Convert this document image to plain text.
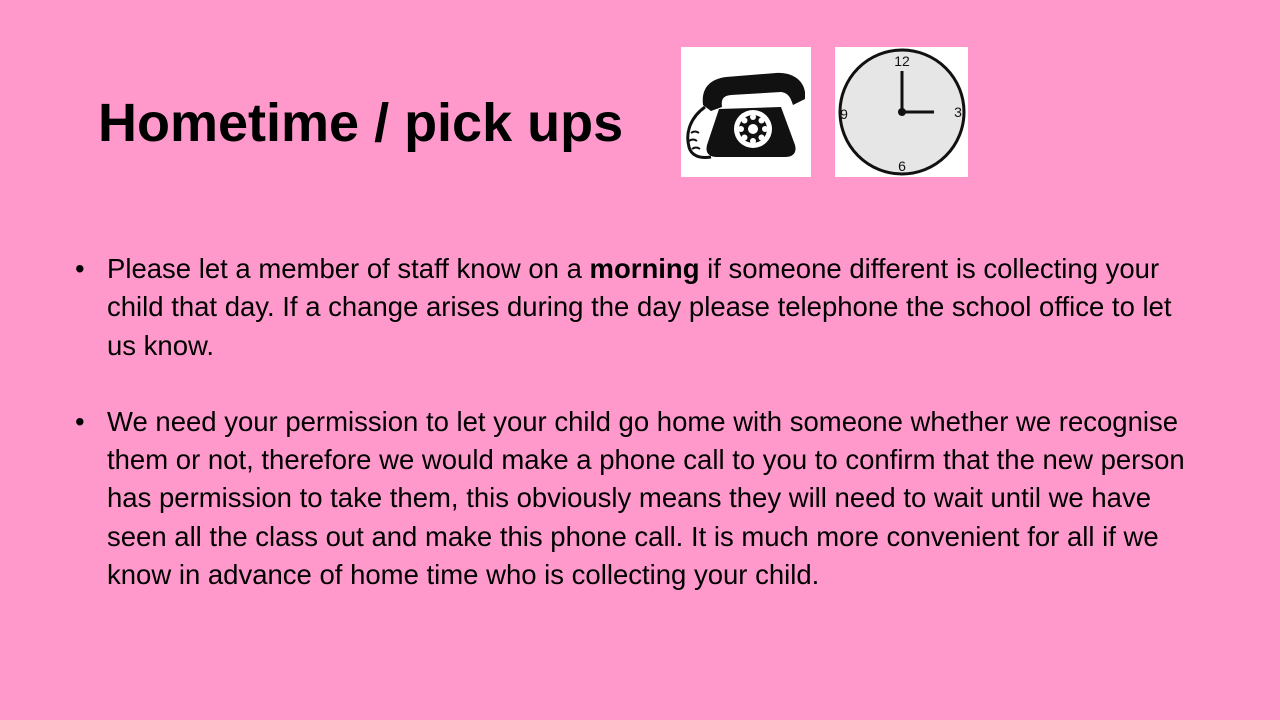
Hometime / pick ups
12
3
6
9
• Please let a member of staff know on a morning if someone different is collecting your child that day. If a change arises during the day please telephone the school office to let us know.
• We need your permission to let your child go home with someone whether we recognise them or not, therefore we would make a phone call to you to confirm that the new person has permission to take them, this obviously means they will need to wait until we have seen all the class out and make this phone call. It is much more convenient for all if we know in advance of home time who is collecting your child.
